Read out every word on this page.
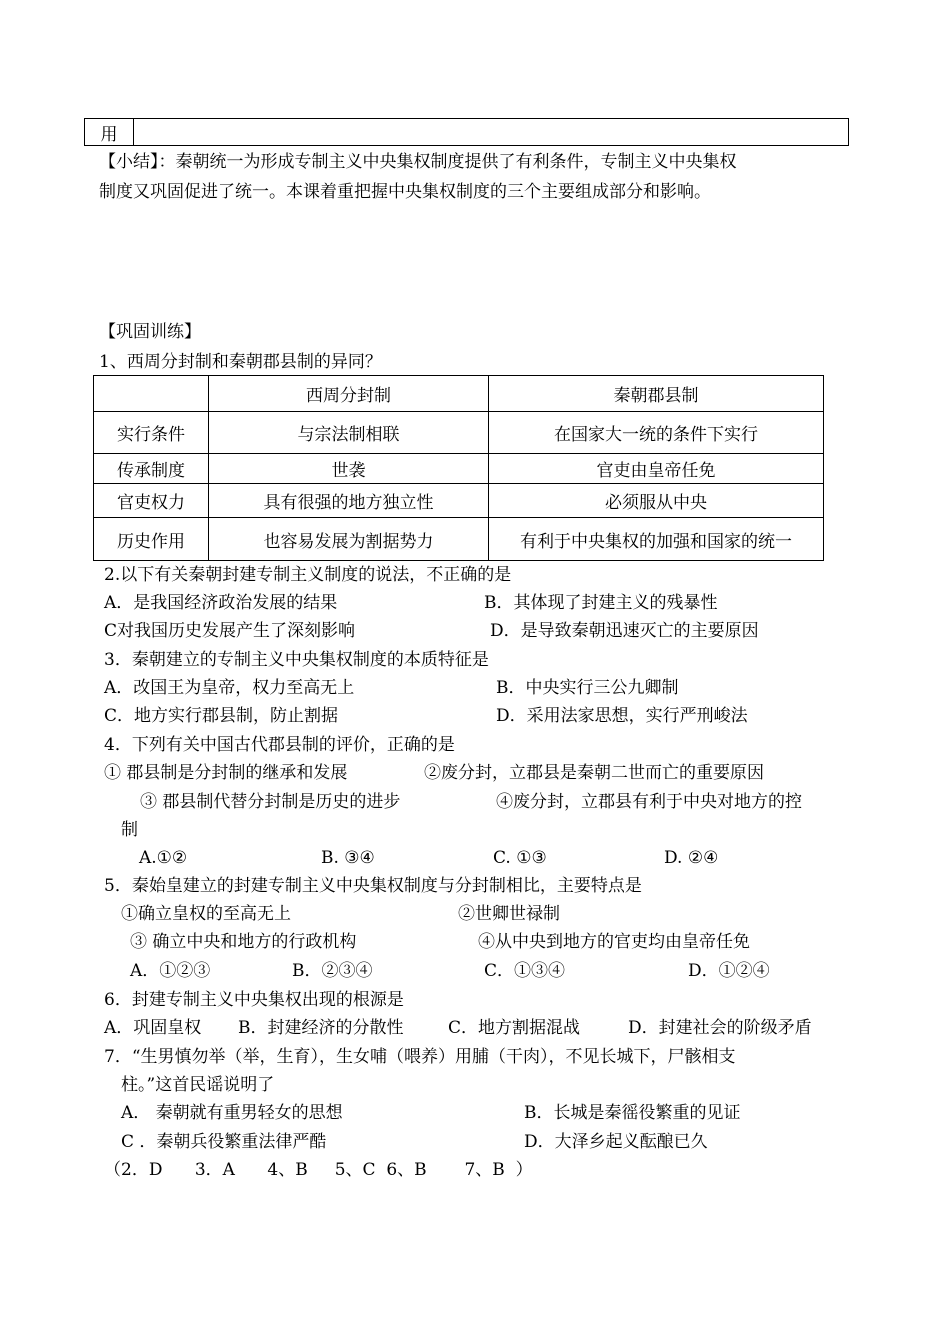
用	
【小结】：秦朝统一为形成专制主义中央集权制度提供了有利条件，专制主义中央集权
制度又巩固促进了统一。本课着重把握中央集权制度的三个主要组成部分和影响。
【巩固训练】
1、西周分封制和秦朝郡县制的异同？
	西周分封制	秦朝郡县制
实行条件	与宗法制相联	在国家大一统的条件下实行
传承制度	世袭	官吏由皇帝任免
官吏权力	具有很强的地方独立性	必须服从中央
历史作用	也容易发展为割据势力	有利于中央集权的加强和国家的统一
2.以下有关秦朝封建专制主义制度的说法，不正确的是
A．是我国经济政治发展的结果	B．其体现了封建主义的残暴性
C对我国历史发展产生了深刻影响	D．是导致秦朝迅速灭亡的主要原因
3．秦朝建立的专制主义中央集权制度的本质特征是
A．改国王为皇帝，权力至高无上	B．中央实行三公九卿制
C．地方实行郡县制，防止割据	D．采用法家思想，实行严刑峻法
4．下列有关中国古代郡县制的评价，正确的是
① 郡县制是分封制的继承和发展	②废分封，立郡县是秦朝二世而亡的重要原因
③ 郡县制代替分封制是历史的进步	④废分封，立郡县有利于中央对地方的控
制
A.①②	B. ③④	C. ①③	D. ②④
5．秦始皇建立的封建专制主义中央集权制度与分封制相比，主要特点是
①确立皇权的至高无上	②世卿世禄制
③ 确立中央和地方的行政机构	④从中央到地方的官吏均由皇帝任免
A．①②③	B．②③④	C．①③④	D．①②④
6．封建专制主义中央集权出现的根源是
A．巩固皇权 B．封建经济的分散性	C．地方割据混战	D．封建社会的阶级矛盾
7．“生男慎勿举（举，生育），生女哺（喂养）用脯（干肉），不见长城下，尸骸相支
柱。”这首民谣说明了
A． 秦朝就有重男轻女的思想	B．长城是秦徭役繁重的见证
C ．秦朝兵役繁重法律严酷	D．大泽乡起义酝酿已久
（2．D      3．A      4、B     5、C  6、B       7、B  ）
